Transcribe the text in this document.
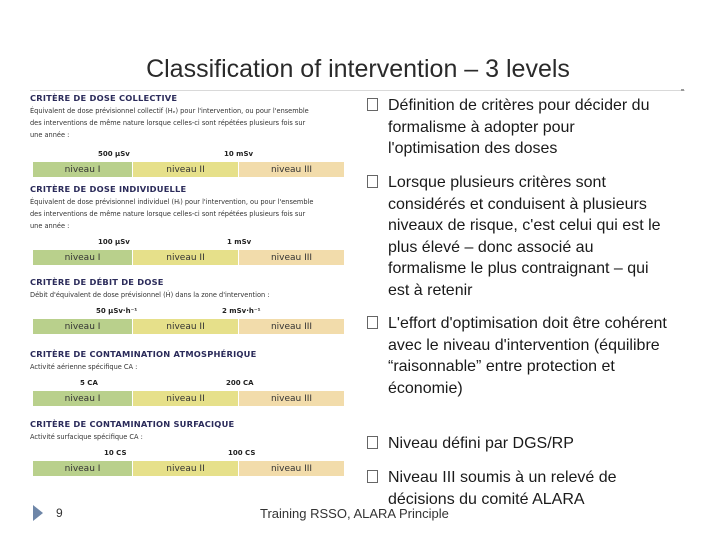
Classification of intervention – 3 levels
CRITÈRE DE DOSE COLLECTIVE
Équivalent de dose prévisionnel collectif (Hₑ) pour l'intervention, ou pour l'ensemble
des interventions de même nature lorsque celles-ci sont répétées plusieurs fois sur
une année :
500 µSv	10 mSv
niveau I	niveau II	niveau III
CRITÈRE DE DOSE INDIVIDUELLE
Équivalent de dose prévisionnel individuel (Hᵢ) pour l'intervention, ou pour l'ensemble
des interventions de même nature lorsque celles-ci sont répétées plusieurs fois sur
une année :
100 µSv	1 mSv
niveau I	niveau II	niveau III
CRITÈRE DE DÉBIT DE DOSE
Débit d'équivalent de dose prévisionnel (Ḣ) dans la zone d'intervention :
50 µSv·h⁻¹	2 mSv·h⁻¹
niveau I	niveau II	niveau III
CRITÈRE DE CONTAMINATION ATMOSPHÉRIQUE
Activité aérienne spécifique CA :
5 CA	200 CA
niveau I	niveau II	niveau III
CRITÈRE DE CONTAMINATION SURFACIQUE
Activité surfacique spécifique CA :
10 CS	100 CS
niveau I	niveau II	niveau III
Définition de critères pour décider du formalisme à adopter pour l'optimisation des doses
Lorsque plusieurs critères sont considérés et conduisent à plusieurs niveaux de risque, c'est celui qui est le plus élevé – donc associé au formalisme le plus contraignant – qui est à retenir
L'effort d'optimisation doit être cohérent avec le niveau d'intervention (équilibre “raisonnable” entre protection et économie)
Niveau défini par DGS/RP
Niveau III soumis à un relevé de décisions du comité ALARA
9	Training RSSO, ALARA Principle
